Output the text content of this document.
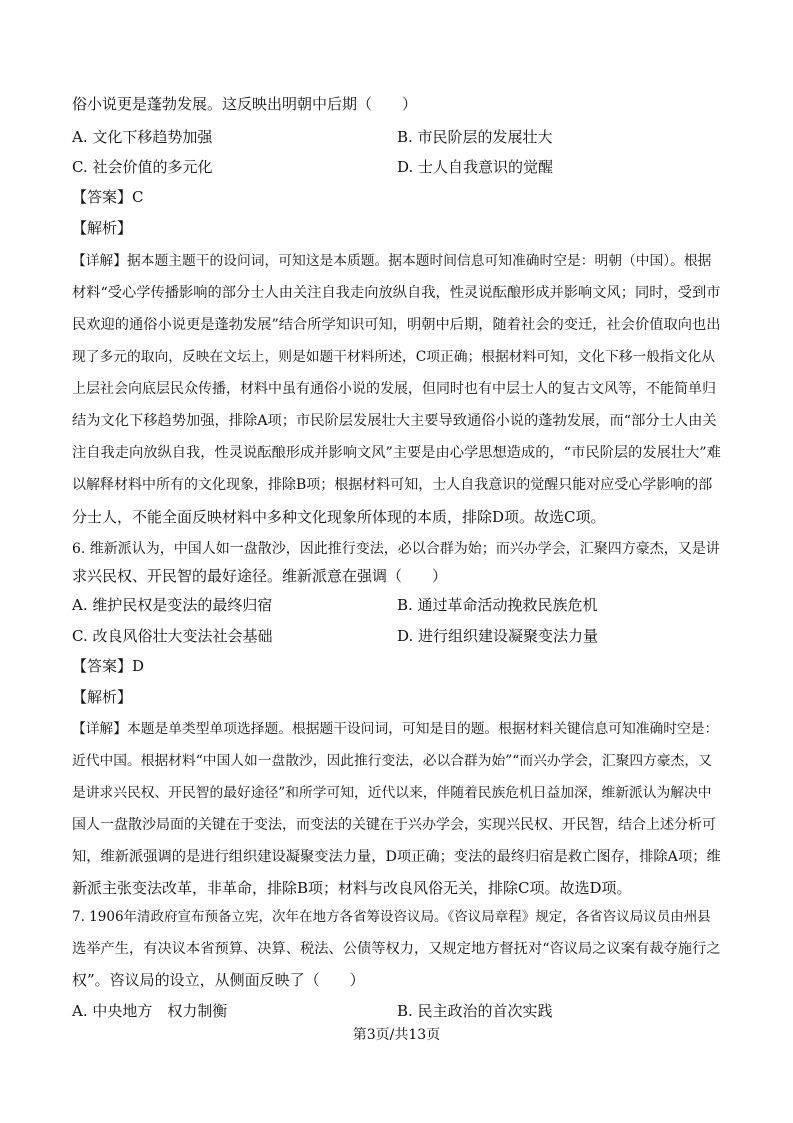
俗小说更是蓬勃发展。这反映出明朝中后期（　　）
A. 文化下移趋势加强	B. 市民阶层的发展壮大
C. 社会价值的多元化	D. 士人自我意识的觉醒
【答案】C
【解析】
【详解】据本题主题干的设问词，可知这是本质题。据本题时间信息可知准确时空是：明朝（中国）。根据
材料“受心学传播影响的部分士人由关注自我走向放纵自我，性灵说酝酿形成并影响文风；同时，受到市
民欢迎的通俗小说更是蓬勃发展”结合所学知识可知，明朝中后期，随着社会的变迁，社会价值取向也出
现了多元的取向，反映在文坛上，则是如题干材料所述，C项正确；根据材料可知，文化下移一般指文化从
上层社会向底层民众传播，材料中虽有通俗小说的发展，但同时也有中层士人的复古文风等，不能简单归
结为文化下移趋势加强，排除A项；市民阶层发展壮大主要导致通俗小说的蓬勃发展，而“部分士人由关
注自我走向放纵自我，性灵说酝酿形成并影响文风”主要是由心学思想造成的，“市民阶层的发展壮大”难
以解释材料中所有的文化现象，排除B项；根据材料可知，士人自我意识的觉醒只能对应受心学影响的部
分士人，不能全面反映材料中多种文化现象所体现的本质，排除D项。故选C项。
6. 维新派认为，中国人如一盘散沙，因此推行变法，必以合群为始；而兴办学会，汇聚四方豪杰，又是讲
求兴民权、开民智的最好途径。维新派意在强调（　　）
A. 维护民权是变法的最终归宿	B. 通过革命活动挽救民族危机
C. 改良风俗壮大变法社会基础	D. 进行组织建设凝聚变法力量
【答案】D
【解析】
【详解】本题是单类型单项选择题。根据题干设问词，可知是目的题。根据材料关键信息可知准确时空是：
近代中国。根据材料“中国人如一盘散沙，因此推行变法，必以合群为始”“而兴办学会，汇聚四方豪杰，又
是讲求兴民权、开民智的最好途径”和所学可知，近代以来，伴随着民族危机日益加深，维新派认为解决中
国人一盘散沙局面的关键在于变法，而变法的关键在于兴办学会，实现兴民权、开民智，结合上述分析可
知，维新派强调的是进行组织建设凝聚变法力量，D项正确；变法的最终归宿是救亡图存，排除A项；维
新派主张变法改革，非革命，排除B项；材料与改良风俗无关，排除C项。故选D项。
7. 1906年清政府宣布预备立宪，次年在地方各省筹设咨议局。《咨议局章程》规定，各省咨议局议员由州县
选举产生，有决议本省预算、决算、税法、公债等权力，又规定地方督抚对“咨议局之议案有裁夺施行之
权”。咨议局的设立，从侧面反映了（　　）
A. 中央地方　权力制衡	B. 民主政治的首次实践
第3页/共13页
